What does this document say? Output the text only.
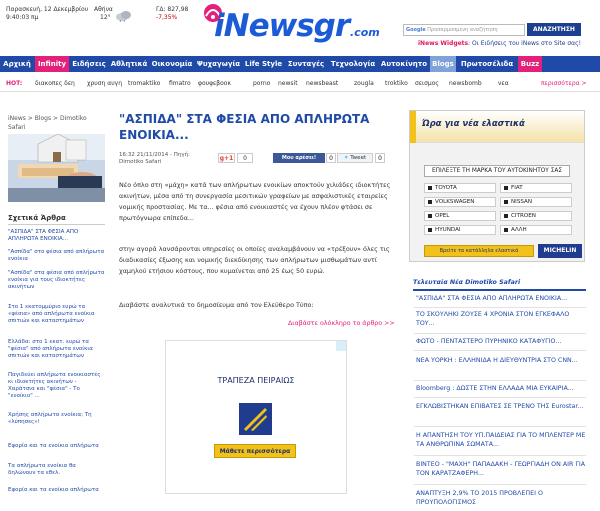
Παρασκευή, 12 Δεκεμβρίου
9:40:03 πμ
Αθήνα
12°
ΓΔ: 827,98
-7,35%	iNewsgr .com	Google Προσαρμοσμένη αναζήτηση	ΑΝΑΖΗΤΗΣΗ
iNews Widgets: Οι Ειδήσεις του iNews στο Site σας!
Αρχική	Infinity Ειδήσεις Αθλητικά Οικονομία Ψυχαγωγία Life Style Συνταγές Τεχνολογία Αυτοκίνητο Blogs Πρωτοσέλιδα	Buzz
HOT: διακοπες δεη χρυση αυγη tromaktiko fimatro φουφεβοοκ	porno newsit newsbeast	zougla troktiko σεισμος newsbomb	νεα	περισσότερα >
iNews > Blogs > Dimotiko Safari
Σχετικά Άρθρα
"ΑΣΠΙΔΑ" ΣΤΑ ΦΕΣΙΑ ΑΠΟ ΑΠΛΗΡΩΤΑ ΕΝΟΙΚΙΑ...
"Ασπίδα" στο φέσια από απλήρωτα ενοίκια
"Ασπίδα" στα φέσια από απλήρωτα ενοίκια για τους ιδιοκτήτες ακινήτων
Στο 1 εκατομμύριο ευρώ τα «φέσια» από απλήρωτα ενοίκια σπιτιών και καταστημάτων
Ελλάδα: στο 1 εκατ. ευρώ τα "φέσια" από απλήρωτα ενοίκια σπιτιών και καταστημάτων
Παγιδεύει απλήρωτα ενοικιαστές κι ιδιοκτήτες ακινήτων - Χαράτσια και "φέσια" - Το "ενοίκιο" ...
Χρήσης απλήρωτα ενοίκια; Τη «λύπησες»!
Εφορία και τα ενοίκια απλήρωτα
Τα απλήρωτα ενοίκια θα δηλώνουν τα εθελ.
Εφορία και τα ενοίκια απλήρωτα
"ΑΣΠΙΔΑ" ΣΤΑ ΦΕΣΙΑ ΑΠΟ ΑΠΛΗΡΩΤΑ ΕΝΟΙΚΙΑ...
16:32 21/11/2014 - Πηγή:
Dimotiko Safari	g+1	0	Μου αρέσει!	0	✦ Tweet	0
Νέο όπλο στη «μάχη» κατά των απλήρωτων ενοικίων αποκτούν χιλιάδες ιδιοκτήτες ακινήτων, μέσα από τη συνεργασία μεσιτικών γραφείων με ασφαλιστικές εταιρείες νομικής προστασίας. Με τα... φέσια από ενοικιαστές να έχουν πλέον φτάσει σε πρωτόγνωρα επίπεδα...
στην αγορά λανσάρονται υπηρεσίες οι οποίες αναλαμβάνουν να «τρέξουν» όλες τις διαδικασίες έξωσης και νομικής διεκδίκησης των απλήρωτων μισθωμάτων αντί χαμηλού ετήσιου κόστους, που κυμαίνεται από 25 έως 50 ευρώ.
Διαβάστε αναλυτικά το δημοσίευμα από τον Ελεύθερο Τύπο:
Διαβάστε ολόκληρο το άρθρο >>
ΤΡΑΠΕΖΑ ΠΕΙΡΑΙΩΣ
Μάθετε περισσότερα
Ώρα για νέα ελαστικά
ΕΠΙΛΕΞΤΕ ΤΗ ΜΑΡΚΑ ΤΟΥ ΑΥΤΟΚΙΝΗΤΟΥ ΣΑΣ
TOYOTA	FIAT
VOLKSWAGEN	NISSAN
OPEL	CITROEN
HYUNDAI	ΑΛΛΗ
Βρείτε τα κατάλληλα ελαστικά	MICHELIN
Τελευταία Νέα Dimotiko Safari
"ΑΣΠΙΔΑ" ΣΤΑ ΦΕΣΙΑ ΑΠΟ ΑΠΛΗΡΩΤΑ ΕΝΟΙΚΙΑ...
ΤΟ ΣΚΟΥΛΗΚΙ ΖΟΥΣΕ 4 ΧΡΟΝΙΑ ΣΤΟΝ ΕΓΚΕΦΑΛΟ ΤΟΥ...
ΦΩΤΟ - ΠΕΝΤΑΣΤΕΡΟ ΠΥΡΗΝΙΚΟ ΚΑΤΑΦΥΓΙΟ...
ΝΕΑ ΥΟΡΚΗ : ΕΛΛΗΝΙΔΑ Η ΔΙΕΥΘΥΝΤΡΙΑ ΣΤΟ CNN...
Bloomberg : ΔΩΣΤΕ ΣΤΗΝ ΕΛΛΑΔΑ ΜΙΑ ΕΥΚΑΙΡΙΑ...
ΕΓΚΛΩΒΙΣΤΗΚΑΝ ΕΠΙΒΑΤΕΣ ΣΕ ΤΡΕΝΟ ΤΗΣ Eurostar...
Η ΑΠΑΝΤΗΣΗ ΤΟΥ ΥΠ.ΠΑΙΔΕΙΑΣ ΓΙΑ ΤΟ ΜΠΛΕΝΤΕΡ ΜΕ ΤΑ ΑΝΘΡΩΠΙΝΑ ΣΩΜΑΤΑ...
ΒΙΝΤΕΟ - "ΜΑΧΗ" ΠΑΠΑΔΑΚΗ - ΓΕΩΡΓΙΑΔΗ ON AIR ΓΙΑ ΤΟΝ ΚΑΡΑΤΖΑΦΕΡΗ...
ΑΝΑΠΤΥΞΗ 2,9% ΤΟ 2015 ΠΡΟΒΛΕΠΕΙ Ο ΠΡΟΥΠΟΛΟΓΙΣΜΟΣ
